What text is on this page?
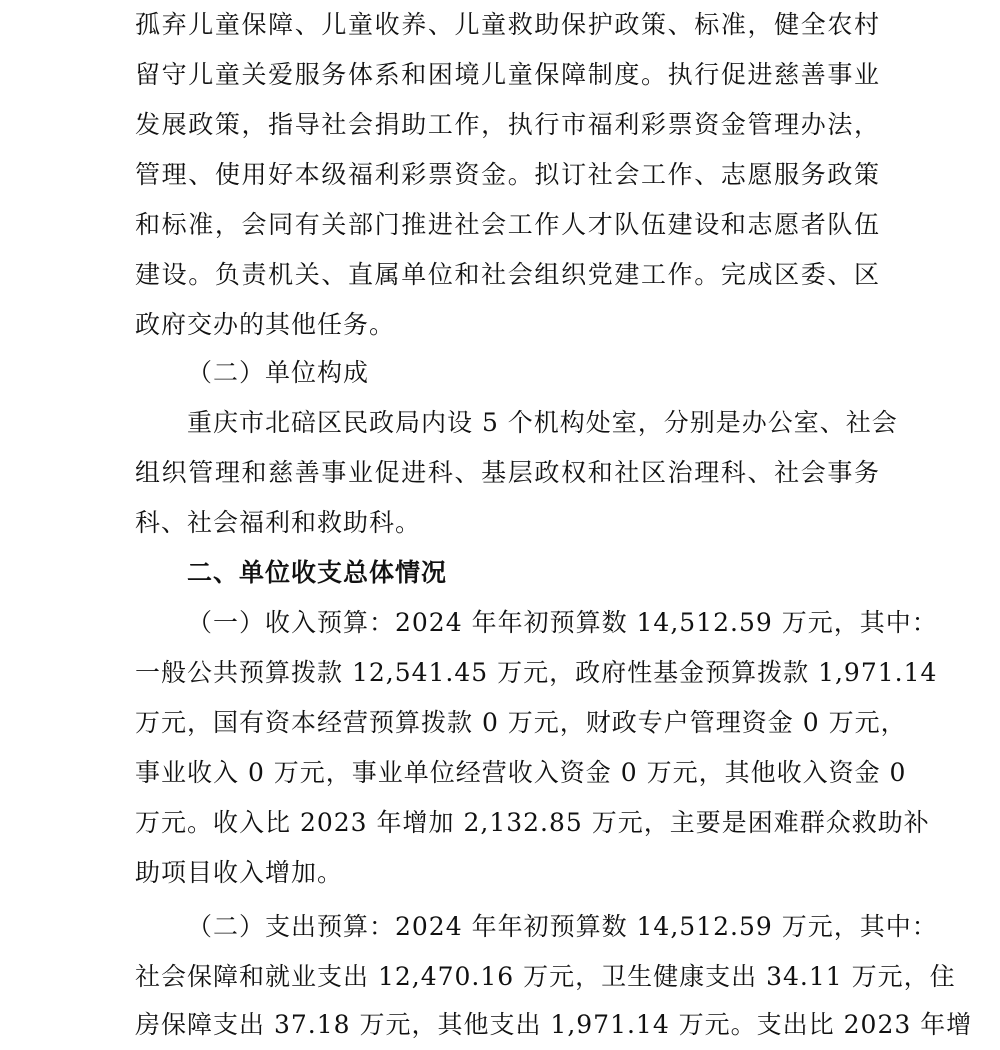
孤弃儿童保障、儿童收养、儿童救助保护政策、标准，健全农村
留守儿童关爱服务体系和困境儿童保障制度。执行促进慈善事业
发展政策，指导社会捐助工作，执行市福利彩票资金管理办法，
管理、使用好本级福利彩票资金。拟订社会工作、志愿服务政策
和标准，会同有关部门推进社会工作人才队伍建设和志愿者队伍
建设。负责机关、直属单位和社会组织党建工作。完成区委、区
政府交办的其他任务。
（二）单位构成
重庆市北碚区民政局内设 5 个机构处室，分别是办公室、社会
组织管理和慈善事业促进科、基层政权和社区治理科、社会事务
科、社会福利和救助科。
二、单位收支总体情况
（一）收入预算：2024 年年初预算数 14,512.59 万元，其中：
一般公共预算拨款 12,541.45 万元，政府性基金预算拨款 1,971.14
万元，国有资本经营预算拨款 0 万元，财政专户管理资金 0 万元，
事业收入 0 万元，事业单位经营收入资金 0 万元，其他收入资金 0
万元。收入比 2023 年增加 2,132.85 万元，主要是困难群众救助补
助项目收入增加。
（二）支出预算：2024 年年初预算数 14,512.59 万元，其中：
社会保障和就业支出 12,470.16 万元，卫生健康支出 34.11 万元，住
房保障支出 37.18 万元，其他支出 1,971.14 万元。支出比 2023 年增
